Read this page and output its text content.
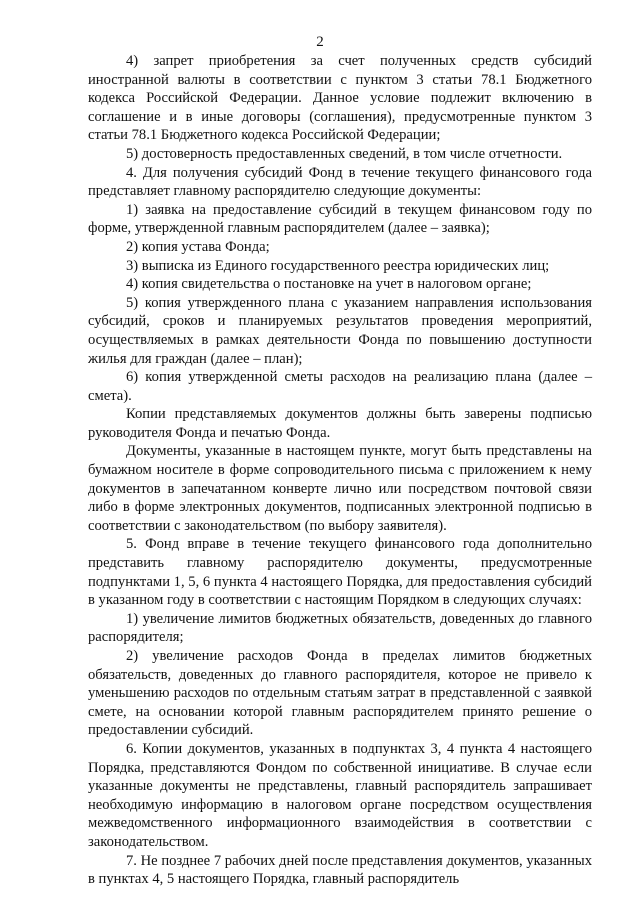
2

4) запрет приобретения за счет полученных средств субсидий иностранной валюты в соответствии с пунктом 3 статьи 78.1 Бюджетного кодекса Российской Федерации. Данное условие подлежит включению в соглашение и в иные договоры (соглашения), предусмотренные пунктом 3 статьи 78.1 Бюджетного кодекса Российской Федерации;

5) достоверность предоставленных сведений, в том числе отчетности.

4. Для получения субсидий Фонд в течение текущего финансового года представляет главному распорядителю следующие документы:

1) заявка на предоставление субсидий в текущем финансовом году по форме, утвержденной главным распорядителем (далее – заявка);

2) копия устава Фонда;

3) выписка из Единого государственного реестра юридических лиц;

4) копия свидетельства о постановке на учет в налоговом органе;

5) копия утвержденного плана с указанием направления использования субсидий, сроков и планируемых результатов проведения мероприятий, осуществляемых в рамках деятельности Фонда по повышению доступности жилья для граждан (далее – план);

6) копия утвержденной сметы расходов на реализацию плана (далее – смета).

Копии представляемых документов должны быть заверены подписью руководителя Фонда и печатью Фонда.

Документы, указанные в настоящем пункте, могут быть представлены на бумажном носителе в форме сопроводительного письма с приложением к нему документов в запечатанном конверте лично или посредством почтовой связи либо в форме электронных документов, подписанных электронной подписью в соответствии с законодательством (по выбору заявителя).

5. Фонд вправе в течение текущего финансового года дополнительно представить главному распорядителю документы, предусмотренные подпунктами 1, 5, 6 пункта 4 настоящего Порядка, для предоставления субсидий в указанном году в соответствии с настоящим Порядком в следующих случаях:

1) увеличение лимитов бюджетных обязательств, доведенных до главного распорядителя;

2) увеличение расходов Фонда в пределах лимитов бюджетных обязательств, доведенных до главного распорядителя, которое не привело к уменьшению расходов по отдельным статьям затрат в представленной с заявкой смете, на основании которой главным распорядителем принято решение о предоставлении субсидий.

6. Копии документов, указанных в подпунктах 3, 4 пункта 4 настоящего Порядка, представляются Фондом по собственной инициативе. В случае если указанные документы не представлены, главный распорядитель запрашивает необходимую информацию в налоговом органе посредством осуществления межведомственного информационного взаимодействия в соответствии с законодательством.

7. Не позднее 7 рабочих дней после представления документов, указанных в пунктах 4, 5 настоящего Порядка, главный распорядитель
